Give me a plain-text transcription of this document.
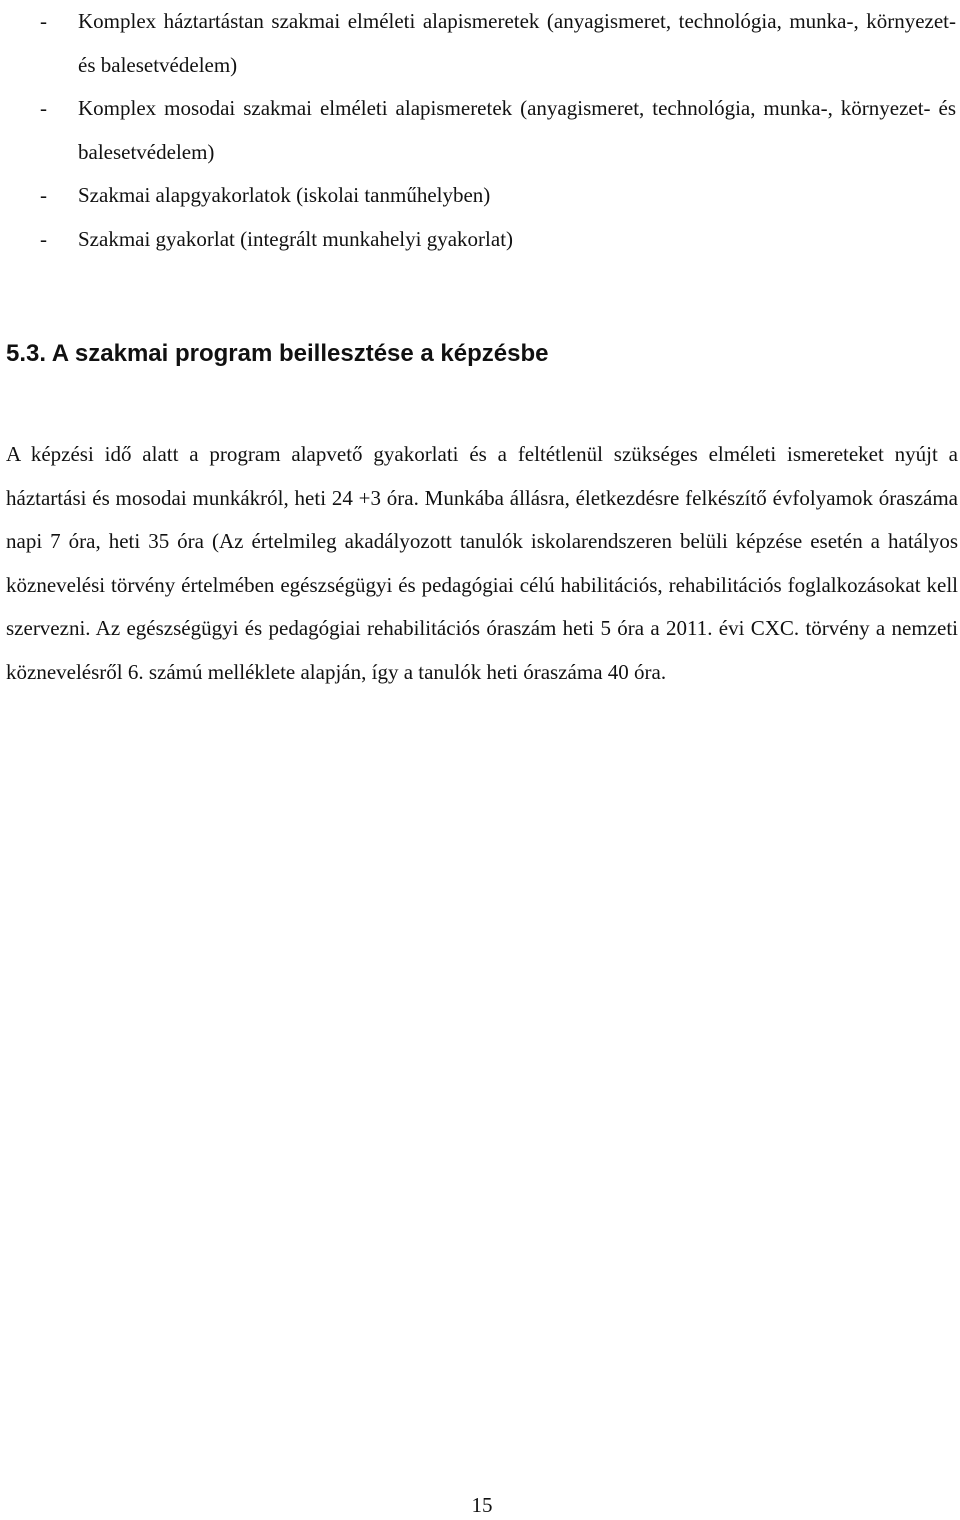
- Komplex háztartástan szakmai elméleti alapismeretek (anyagismeret, technológia, munka-, környezet- és balesetvédelem)
- Komplex mosodai szakmai elméleti alapismeretek (anyagismeret, technológia, munka-, környezet- és balesetvédelem)
- Szakmai alapgyakorlatok (iskolai tanműhelyben)
- Szakmai gyakorlat (integrált munkahelyi gyakorlat)
5.3. A szakmai program beillesztése a képzésbe

A képzési idő alatt a program alapvető gyakorlati és a feltétlenül szükséges elméleti ismereteket nyújt a háztartási és mosodai munkákról, heti 24 +3 óra. Munkába állásra, életkezdésre felkészítő évfolyamok óraszáma napi 7 óra, heti 35 óra (Az értelmileg akadályozott tanulók iskolarendszeren belüli képzése esetén a hatályos köznevelési törvény értelmében egészségügyi és pedagógiai célú habilitációs, rehabilitációs foglalkozásokat kell szervezni. Az egészségügyi és pedagógiai rehabilitációs óraszám heti 5 óra a 2011. évi CXC. törvény a nemzeti köznevelésről 6. számú melléklete alapján, így a tanulók heti óraszáma 40 óra.

15
